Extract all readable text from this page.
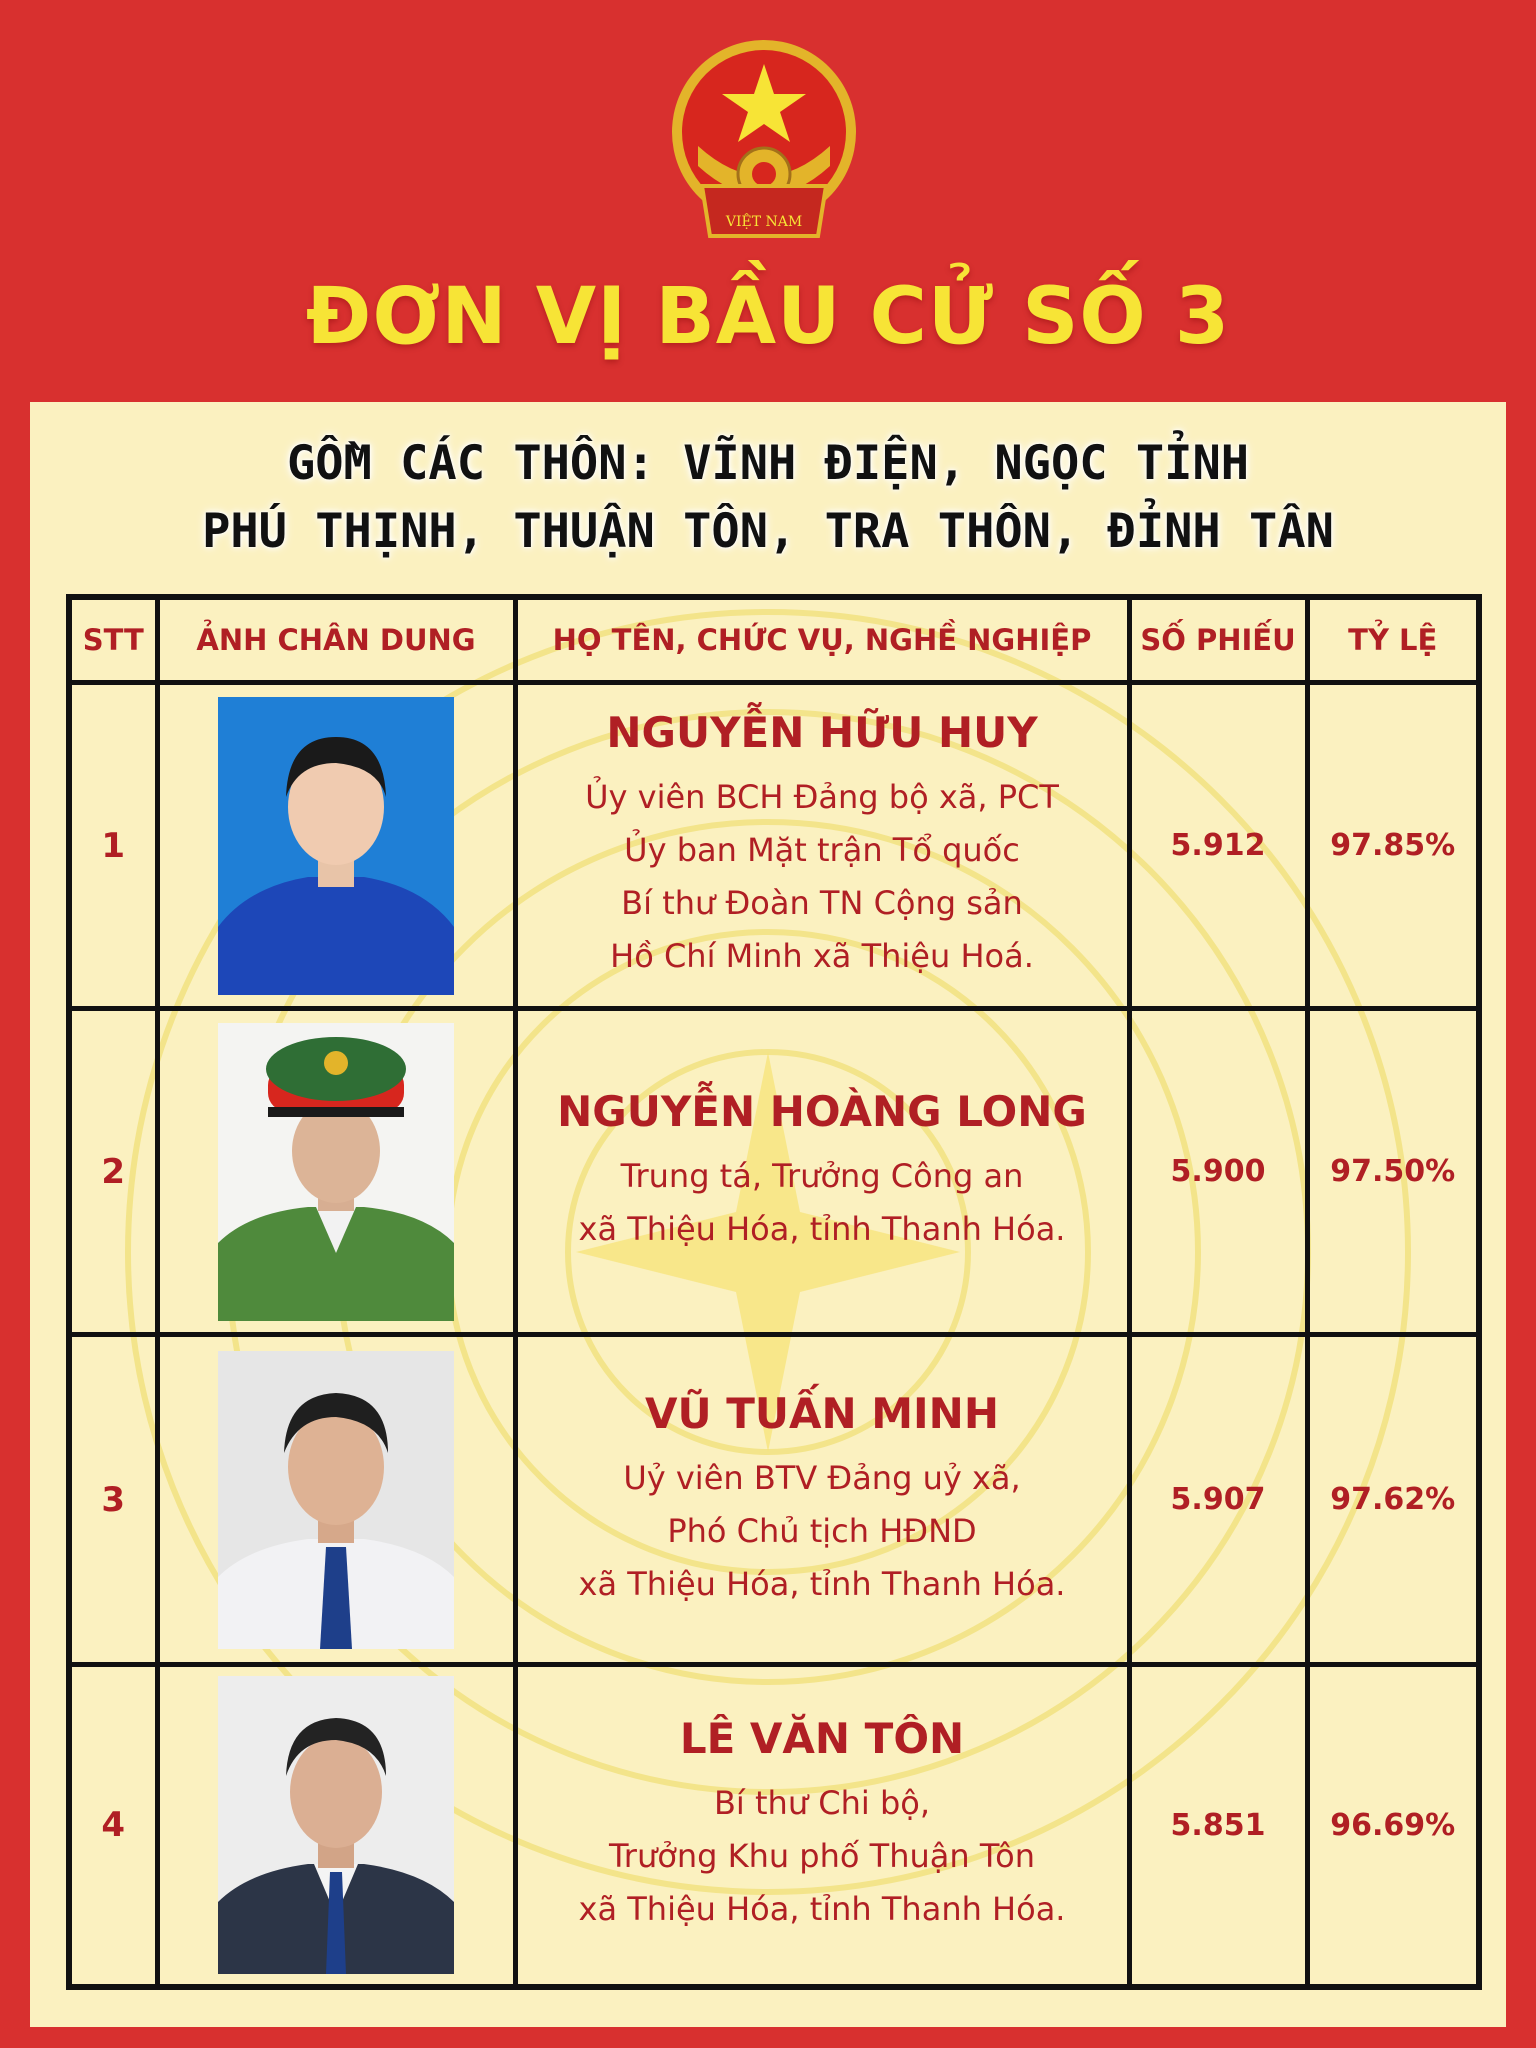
VIỆT NAM
ĐƠN VỊ BẦU CỬ SỐ 3
GỒM CÁC THÔN: VĨNH ĐIỆN, NGỌC TỈNH
PHÚ THỊNH, THUẬN TÔN, TRA THÔN, ĐỈNH TÂN
STT	ẢNH CHÂN DUNG	HỌ TÊN, CHỨC VỤ, NGHỀ NGHIỆP	SỐ PHIẾU	TỶ LỆ
1		NGUYỄN HỮU HUY
Ủy viên BCH Đảng bộ xã, PCT
Ủy ban Mặt trận Tổ quốc
Bí thư Đoàn TN Cộng sản
Hồ Chí Minh xã Thiệu Hoá.	5.912	97.85%
2		NGUYỄN HOÀNG LONG
Trung tá, Trưởng Công an
xã Thiệu Hóa, tỉnh Thanh Hóa.	5.900	97.50%
3		VŨ TUẤN MINH
Uỷ viên BTV Đảng uỷ xã,
Phó Chủ tịch HĐND
xã Thiệu Hóa, tỉnh Thanh Hóa.	5.907	97.62%
4		LÊ VĂN TÔN
Bí thư Chi bộ,
Trưởng Khu phố Thuận Tôn
xã Thiệu Hóa, tỉnh Thanh Hóa.	5.851	96.69%
